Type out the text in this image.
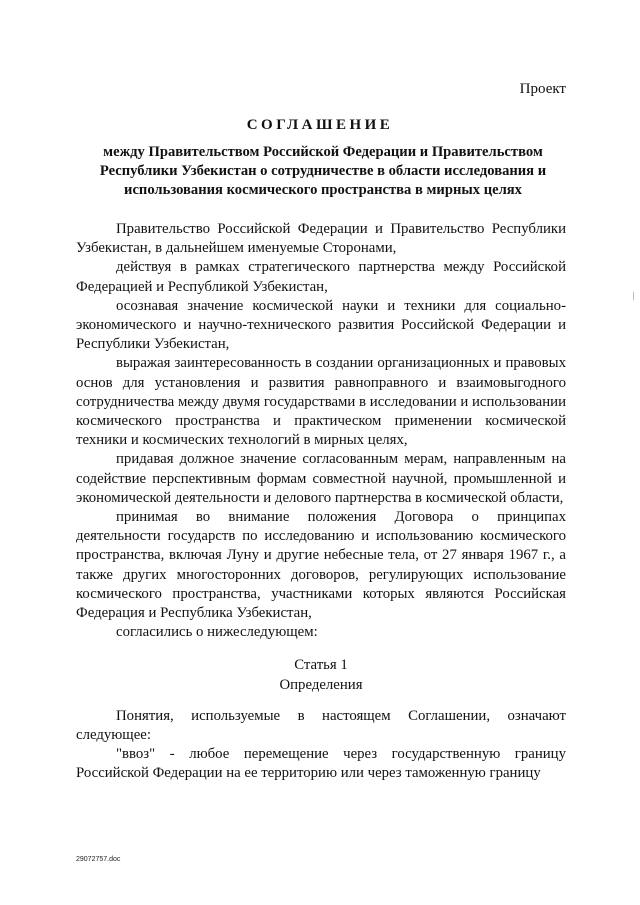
Проект
СОГЛАШЕНИЕ
между Правительством Российской Федерации и Правительством Республики Узбекистан о сотрудничестве в области исследования и использования космического пространства в мирных целях

Правительство Российской Федерации и Правительство Республики Узбекистан, в дальнейшем именуемые Сторонами,

действуя в рамках стратегического партнерства между Российской Федерацией и Республикой Узбекистан,

осознавая значение космической науки и техники для социально-экономического и научно-технического развития Российской Федерации и Республики Узбекистан,

выражая заинтересованность в создании организационных и правовых основ для установления и развития равноправного и взаимовыгодного сотрудничества между двумя государствами в исследовании и использовании космического пространства и практическом применении космической техники и космических технологий в мирных целях,

придавая должное значение согласованным мерам, направленным на содействие перспективным формам совместной научной, промышленной и экономической деятельности и делового партнерства в космической области,

принимая во внимание положения Договора о принципах деятельности государств по исследованию и использованию космического пространства, включая Луну и другие небесные тела, от 27 января 1967 г., а также других многосторонних договоров, регулирующих использование космического пространства, участниками которых являются Российская Федерация и Республика Узбекистан,

согласились о нижеследующем:

Статья 1
Определения

Понятия, используемые в настоящем Соглашении, означают следующее:

"ввоз" - любое перемещение через государственную границу Российской Федерации на ее территорию или через таможенную границу

29072757.doc
